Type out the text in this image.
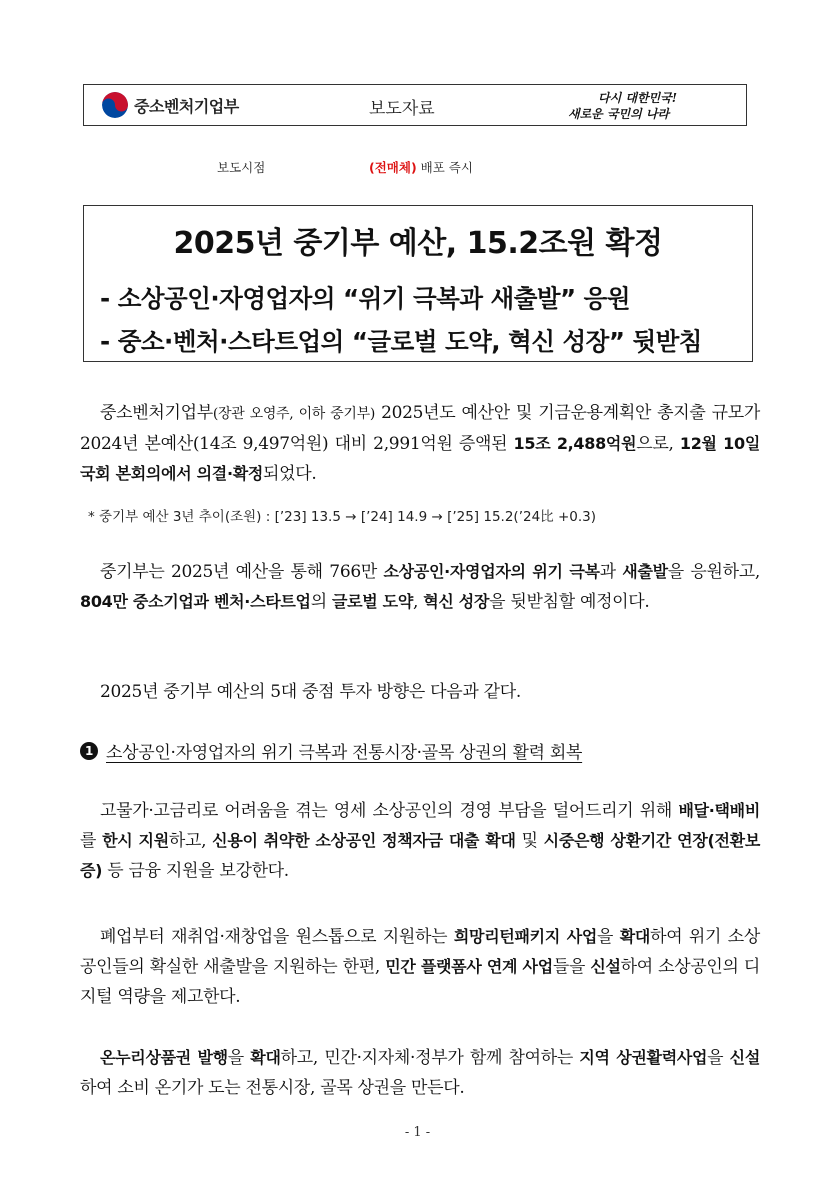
중소벤처기업부	보도자료
다시 대한민국!
새로운 국민의 나라
보도시점	(전매체) 배포 즉시
2025년 중기부 예산, 15.2조원 확정
- 소상공인·자영업자의 “위기 극복과 새출발” 응원
- 중소·벤처·스타트업의 “글로벌 도약, 혁신 성장” 뒷받침
중소벤처기업부(장관 오영주, 이하 중기부) 2025년도 예산안 및 기금운용계획안 총지출 규모가 2024년 본예산(14조 9,497억원) 대비 2,991억원 증액된 15조 2,488억원으로, 12월 10일 국회 본회의에서 의결·확정되었다.
* 중기부 예산 3년 추이(조원) : [’23] 13.5 → [’24] 14.9 → [’25] 15.2(’24比 +0.3)
중기부는 2025년 예산을 통해 766만 소상공인·자영업자의 위기 극복과 새출발을 응원하고, 804만 중소기업과 벤처·스타트업의 글로벌 도약, 혁신 성장을 뒷받침할 예정이다.
2025년 중기부 예산의 5대 중점 투자 방향은 다음과 같다.
1 소상공인·자영업자의 위기 극복과 전통시장·골목 상권의 활력 회복
고물가·고금리로 어려움을 겪는 영세 소상공인의 경영 부담을 덜어드리기 위해 배달·택배비를 한시 지원하고, 신용이 취약한 소상공인 정책자금 대출 확대 및 시중은행 상환기간 연장(전환보증) 등 금융 지원을 보강한다.
폐업부터 재취업·재창업을 원스톱으로 지원하는 희망리턴패키지 사업을 확대하여 위기 소상공인들의 확실한 새출발을 지원하는 한편, 민간 플랫폼사 연계 사업들을 신설하여 소상공인의 디지털 역량을 제고한다.
온누리상품권 발행을 확대하고, 민간·지자체·정부가 함께 참여하는 지역 상권활력사업을 신설하여 소비 온기가 도는 전통시장, 골목 상권을 만든다.
- 1 -
